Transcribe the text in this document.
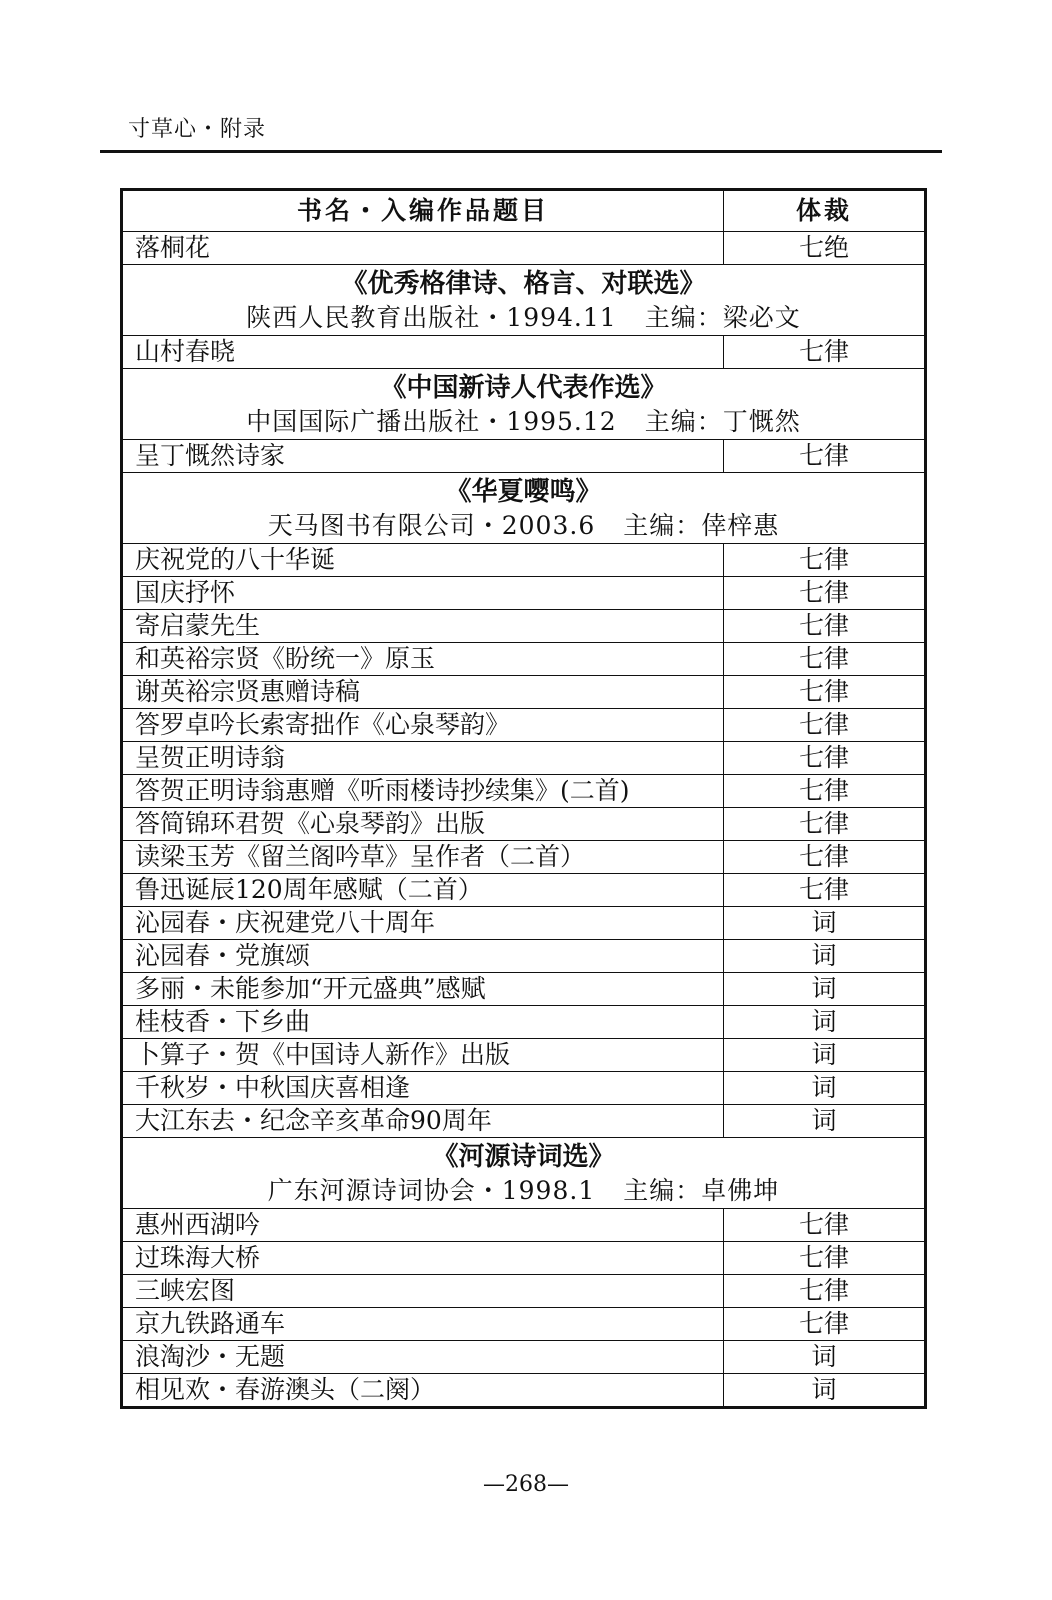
寸草心・附录
书名・入编作品题目	体裁
落桐花	七绝

《优秀格律诗、格言、对联选》
陕西人民教育出版社・1994.11 主编：梁必文	

山村春晓	七律

《中国新诗人代表作选》
中国国际广播出版社・1995.12 主编：丁慨然	

呈丁慨然诗家	七律

《华夏嘤鸣》
天马图书有限公司・2003.6 主编：倖梓惠	

庆祝党的八十华诞	七律
国庆抒怀	七律
寄启蒙先生	七律
和英裕宗贤《盼统一》原玉	七律
谢英裕宗贤惠赠诗稿	七律
答罗卓吟长索寄拙作《心泉琴韵》	七律
呈贺正明诗翁	七律
答贺正明诗翁惠赠《听雨楼诗抄续集》(二首)	七律
答简锦环君贺《心泉琴韵》出版	七律
读梁玉芳《留兰阁吟草》呈作者（二首）	七律
鲁迅诞辰120周年感赋（二首）	七律
沁园春・庆祝建党八十周年	词
沁园春・党旗颂	词
多丽・未能参加“开元盛典”感赋	词
桂枝香・下乡曲	词
卜算子・贺《中国诗人新作》出版	词
千秋岁・中秋国庆喜相逢	词
大江东去・纪念辛亥革命90周年	词

《河源诗词选》
广东河源诗词协会・1998.1 主编：卓佛坤	

惠州西湖吟	七律
过珠海大桥	七律
三峡宏图	七律
京九铁路通车	七律
浪淘沙・无题	词
相见欢・春游澳头（二阕）	词
—268—
